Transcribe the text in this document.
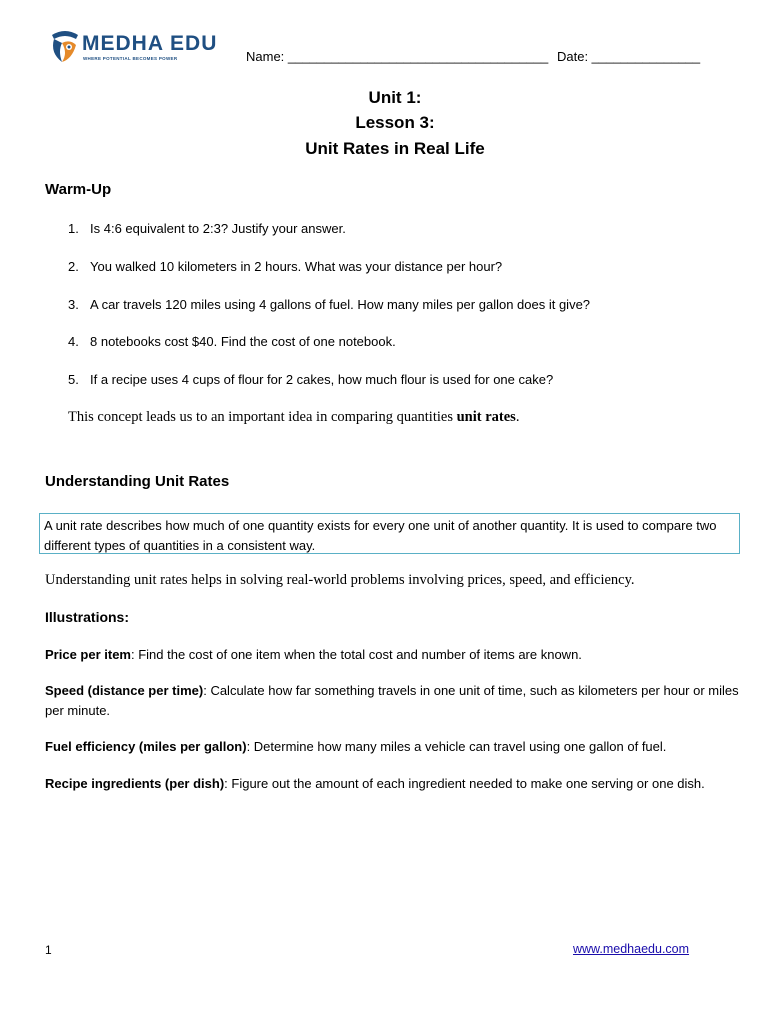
MEDHA EDU
WHERE POTENTIAL BECOMES POWER	Name: ____________________________________ Date: _______________
Unit 1:
Lesson 3:
Unit Rates in Real Life
Warm-Up
1. Is 4:6 equivalent to 2:3? Justify your answer.
2. You walked 10 kilometers in 2 hours. What was your distance per hour?
3. A car travels 120 miles using 4 gallons of fuel. How many miles per gallon does it give?
4. 8 notebooks cost $40. Find the cost of one notebook.
5. If a recipe uses 4 cups of flour for 2 cakes, how much flour is used for one cake?
This concept leads us to an important idea in comparing quantities unit rates.
Understanding Unit Rates
A unit rate describes how much of one quantity exists for every one unit of another quantity. It is used to compare two different types of quantities in a consistent way.
Understanding unit rates helps in solving real-world problems involving prices, speed, and efficiency.
Illustrations:
Price per item: Find the cost of one item when the total cost and number of items are known.
Speed (distance per time): Calculate how far something travels in one unit of time, such as kilometers per hour or miles per minute.
Fuel efficiency (miles per gallon): Determine how many miles a vehicle can travel using one gallon of fuel.
Recipe ingredients (per dish): Figure out the amount of each ingredient needed to make one serving or one dish.
1	www.medhaedu.com
